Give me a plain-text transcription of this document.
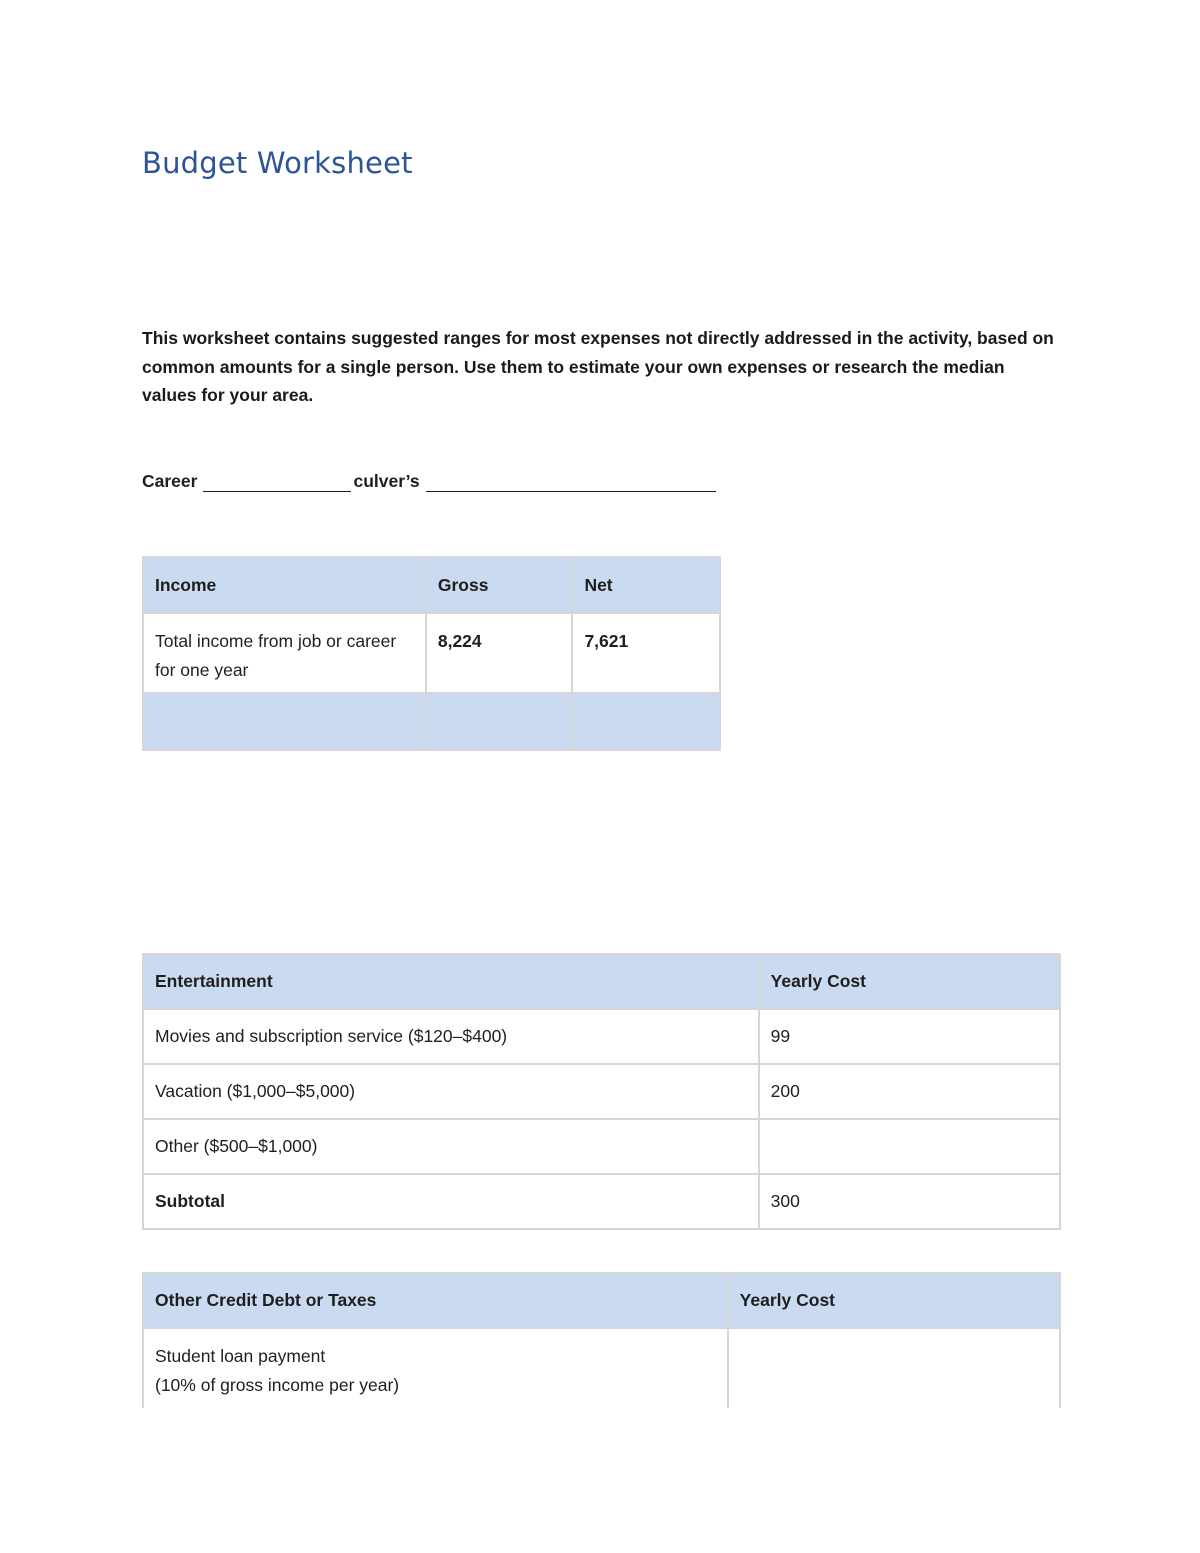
Budget Worksheet
This worksheet contains suggested ranges for most expenses not directly addressed in the activity, based on common amounts for a single person. Use them to estimate your own expenses or research the median values for your area.
Career	culver’s
Income	Gross	Net
Total income from job or career for one year	8,224	7,621

Entertainment	Yearly Cost
Movies and subscription service ($120–$400)	99
Vacation ($1,000–$5,000)	200
Other ($500–$1,000)	
Subtotal	300
Other Credit Debt or Taxes	Yearly Cost

Student loan payment
(10% of gross income per year)	
